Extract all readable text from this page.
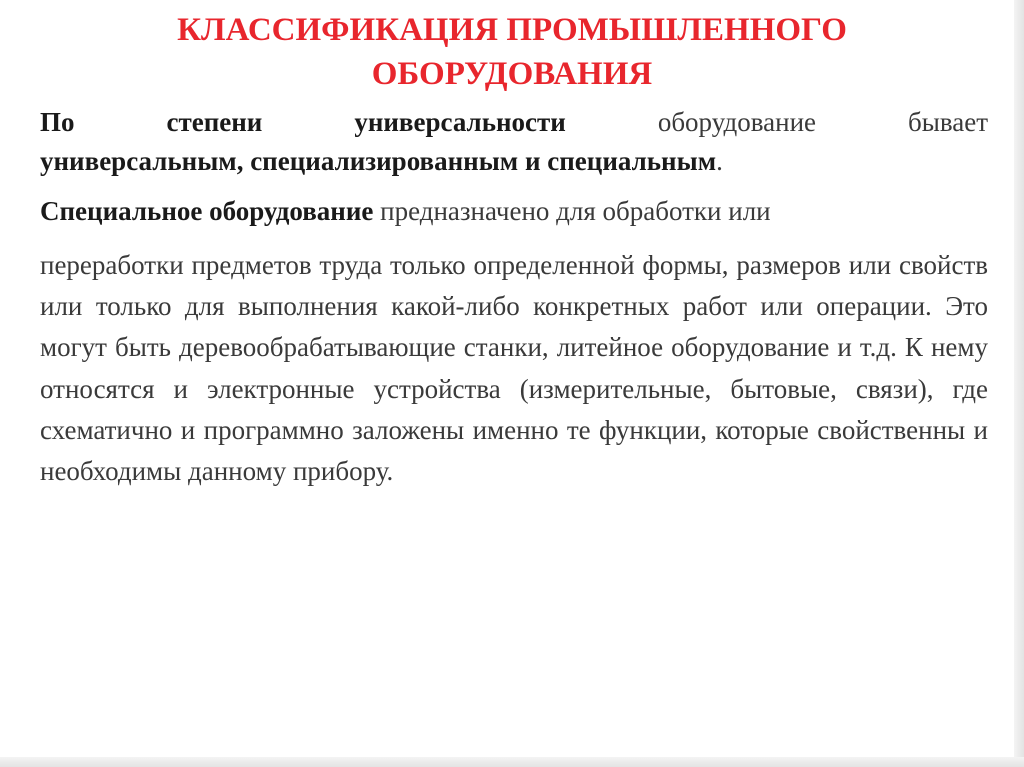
КЛАССИФИКАЦИЯ ПРОМЫШЛЕННОГО
ОБОРУДОВАНИЯ
По степени универсальности оборудование бывает
универсальным, специализированным и специальным.
Специальное оборудование предназначено для обработки или
переработки предметов труда только определенной формы, размеров или свойств или только для выполнения какой-либо конкретных работ или операции. Это могут быть деревообрабатывающие станки, литейное оборудование и т.д. К нему относятся и электронные устройства (измерительные, бытовые, связи), где схематично и программно заложены именно те функции, которые свойственны и необходимы данному прибору.
